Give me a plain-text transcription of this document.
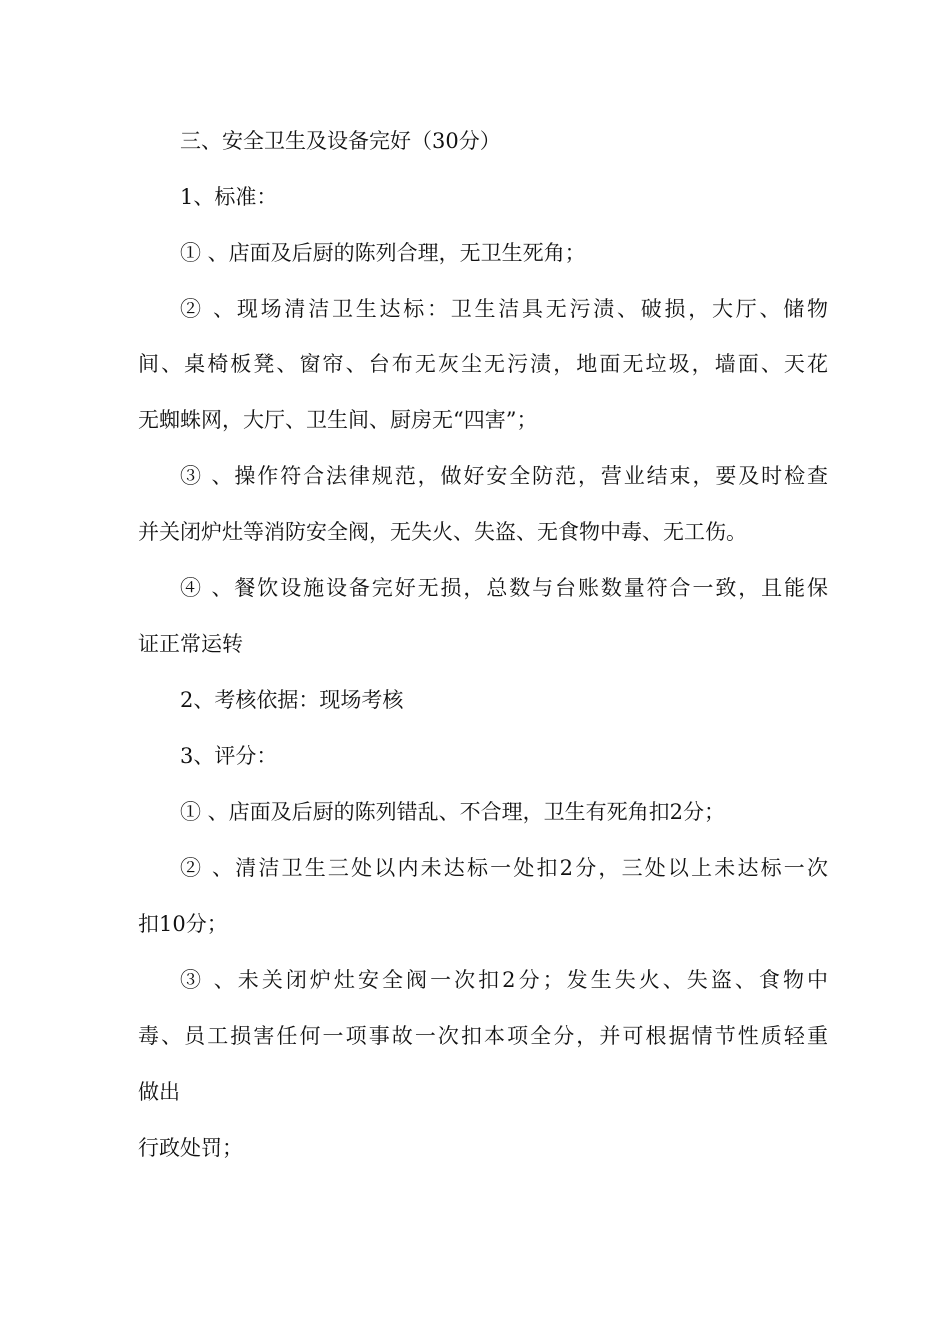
三、安全卫生及设备完好（30分）
1、标准：
① 、店面及后厨的陈列合理，无卫生死角；
② 、现场清洁卫生达标：卫生洁具无污渍、破损，大厅、储物
间、桌椅板凳、窗帘、台布无灰尘无污渍，地面无垃圾，墙面、天花
无蜘蛛网，大厅、卫生间、厨房无“四害”；
③ 、操作符合法律规范，做好安全防范，营业结束，要及时检查
并关闭炉灶等消防安全阀，无失火、失盗、无食物中毒、无工伤。
④ 、餐饮设施设备完好无损，总数与台账数量符合一致，且能保
证正常运转
2、考核依据：现场考核
3、评分：
① 、店面及后厨的陈列错乱、不合理，卫生有死角扣2分；
② 、清洁卫生三处以内未达标一处扣2分，三处以上未达标一次
扣10分；
③ 、未关闭炉灶安全阀一次扣2分；发生失火、失盗、食物中
毒、员工损害任何一项事故一次扣本项全分，并可根据情节性质轻重
做出
行政处罚；
